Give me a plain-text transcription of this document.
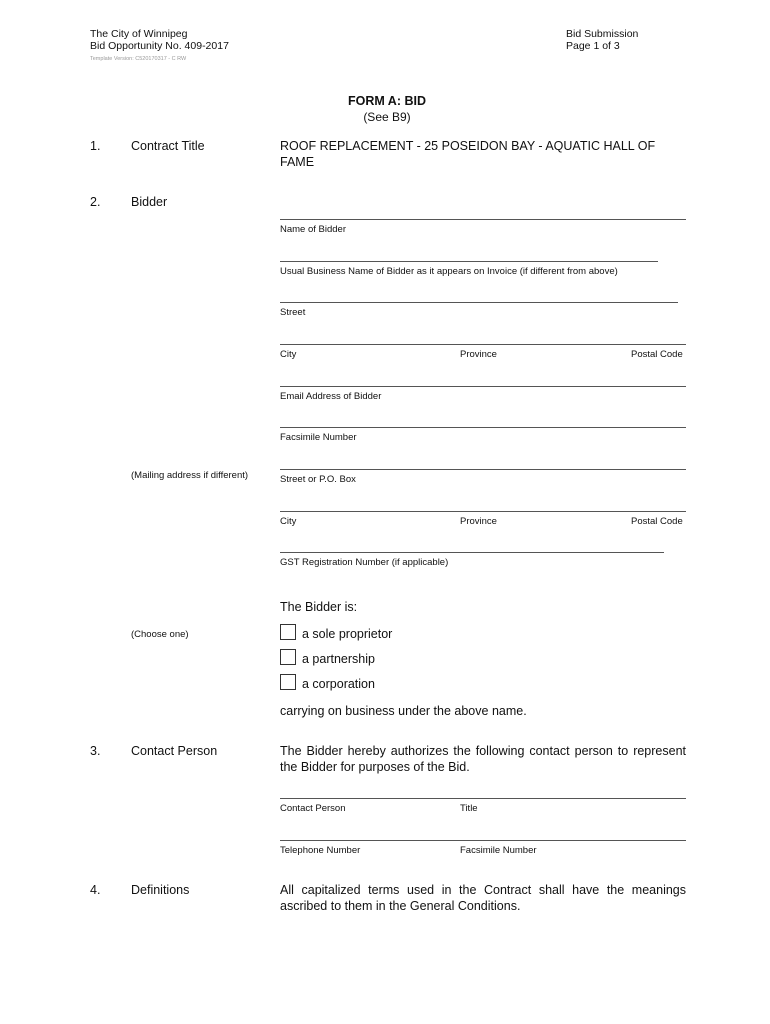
The City of Winnipeg
Bid Opportunity No. 409-2017
Template Version: C520170317 - C RW
Bid Submission
Page 1 of 3
FORM A: BID
(See B9)
1. Contract Title	ROOF REPLACEMENT - 25 POSEIDON BAY - AQUATIC HALL OF FAME
2. Bidder
Name of Bidder
Usual Business Name of Bidder as it appears on Invoice (if different from above)
Street
City	Province	Postal Code
Email Address of Bidder
Facsimile Number
(Mailing address if different)	Street or P.O. Box
City	Province	Postal Code
GST Registration Number (if applicable)
The Bidder is:
(Choose one)	a sole proprietor
a partnership
a corporation
carrying on business under the above name.
3. Contact Person	The Bidder hereby authorizes the following contact person to represent the Bidder for purposes of the Bid.
Contact Person	Title
Telephone Number	Facsimile Number
4. Definitions	All capitalized terms used in the Contract shall have the meanings ascribed to them in the General Conditions.
